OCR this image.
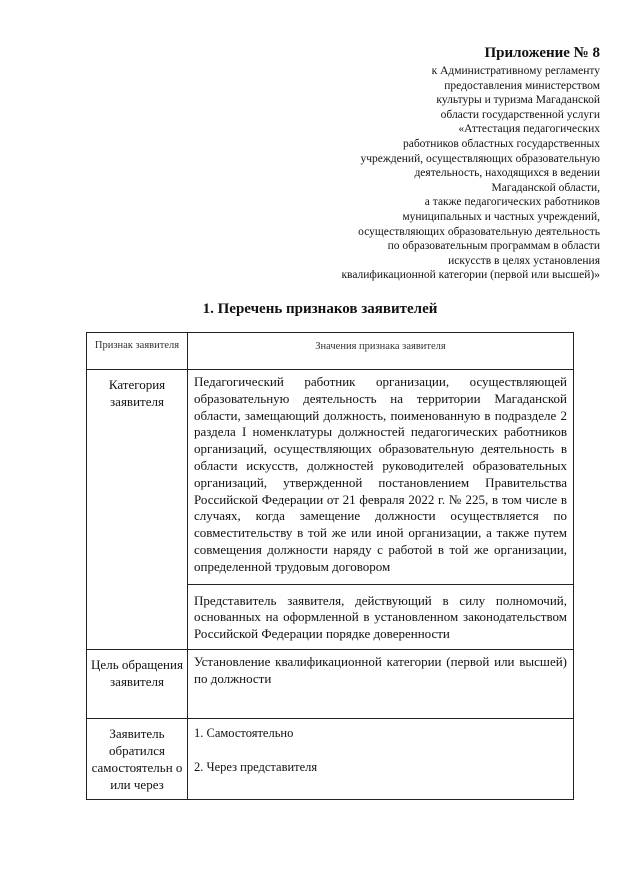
Приложение № 8
к Административному регламенту
предоставления министерством
культуры и туризма Магаданской
области государственной услуги
«Аттестация педагогических
работников областных государственных
учреждений, осуществляющих образовательную
деятельность, находящихся в ведении
Магаданской области,
а также педагогических работников
муниципальных и частных учреждений,
осуществляющих образовательную деятельность
по образовательным программам в области
искусств в целях установления
квалификационной категории (первой или высшей)»
1. Перечень признаков заявителей
Признак заявителя	Значения признака заявителя
Категория заявителя	Педагогический работник организации, осуществляющей образовательную деятельность на территории Магаданской области, замещающий должность, поименованную в подразделе 2 раздела I номенклатуры должностей педагогических работников организаций, осуществляющих образовательную деятельность в области искусств, должностей руководителей образовательных организаций, утвержденной постановлением Правительства Российской Федерации от 21 февраля 2022 г. № 225, в том числе в случаях, когда замещение должности осуществляется по совместительству в той же или иной организации, а также путем совмещения должности наряду с работой в той же организации, определенной трудовым договором
Представитель заявителя, действующий в силу полномочий, основанных на оформленной в установленном законодательством Российской Федерации порядке доверенности

Цель обращения заявителя	Установление квалификационной категории (первой или высшей) по должности
Заявитель обратился самостоятельн о или через	1. Самостоятельно
2. Через представителя
